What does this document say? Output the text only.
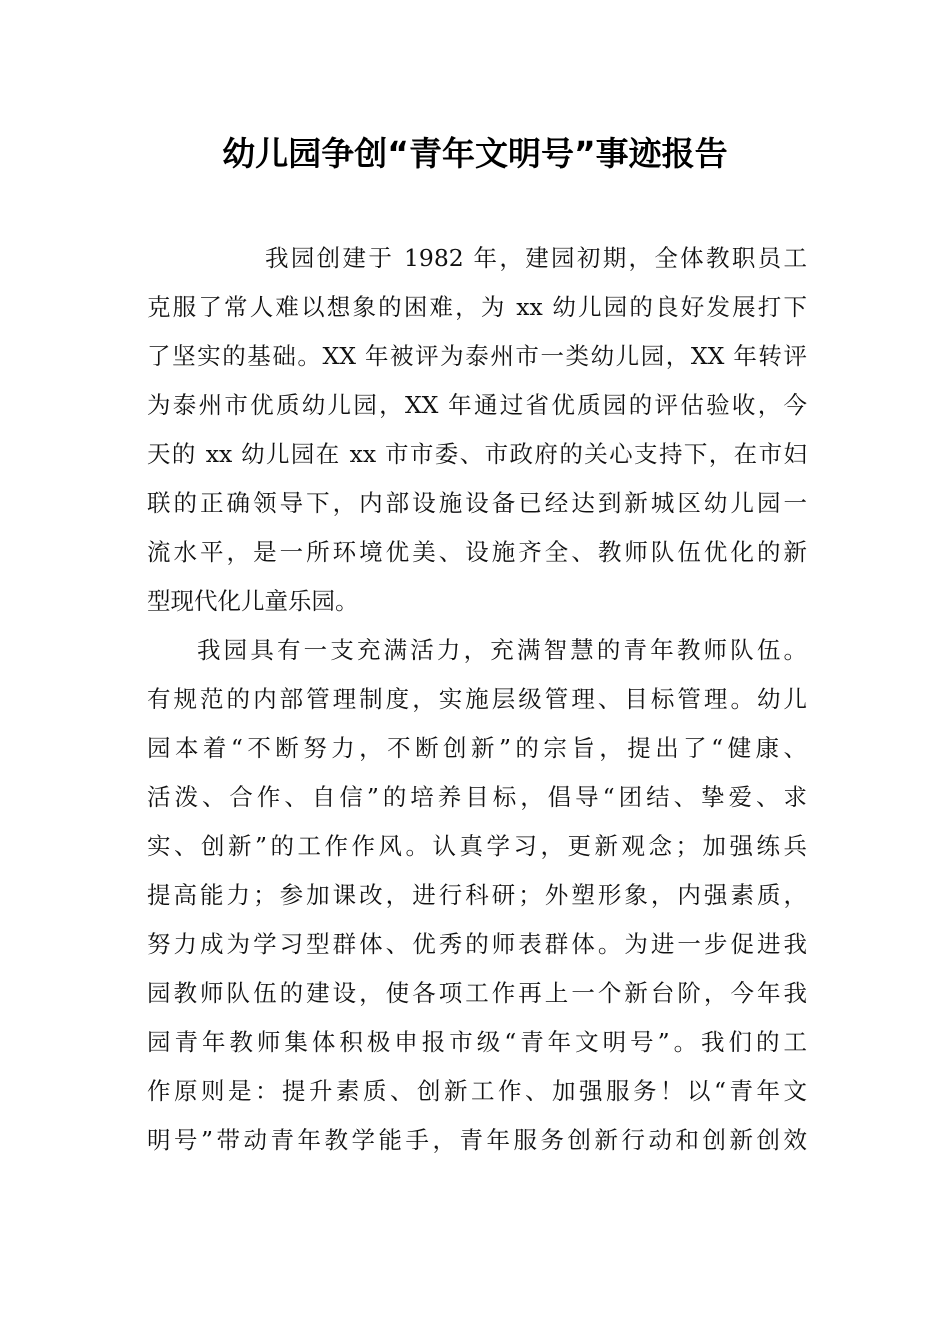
幼儿园争创“青年文明号”事迹报告
我园创建于 1982 年，建园初期，全体教职员工
克服了常人难以想象的困难，为 xx 幼儿园的良好发展打下
了坚实的基础。XX 年被评为泰州市一类幼儿园，XX 年转评
为泰州市优质幼儿园，XX 年通过省优质园的评估验收，今
天的 xx 幼儿园在 xx 市市委、市政府的关心支持下，在市妇
联的正确领导下，内部设施设备已经达到新城区幼儿园一
流水平，是一所环境优美、设施齐全、教师队伍优化的新
型现代化儿童乐园。
我园具有一支充满活力，充满智慧的青年教师队伍。
有规范的内部管理制度，实施层级管理、目标管理。幼儿
园本着“不断努力，不断创新”的宗旨，提出了“健康、
活泼、合作、自信”的培养目标，倡导“团结、挚爱、求
实、创新”的工作作风。认真学习，更新观念；加强练兵
提高能力；参加课改，进行科研；外塑形象，内强素质，
努力成为学习型群体、优秀的师表群体。为进一步促进我
园教师队伍的建设，使各项工作再上一个新台阶，今年我
园青年教师集体积极申报市级“青年文明号”。我们的工
作原则是：提升素质、创新工作、加强服务！以“青年文
明号”带动青年教学能手，青年服务创新行动和创新创效
